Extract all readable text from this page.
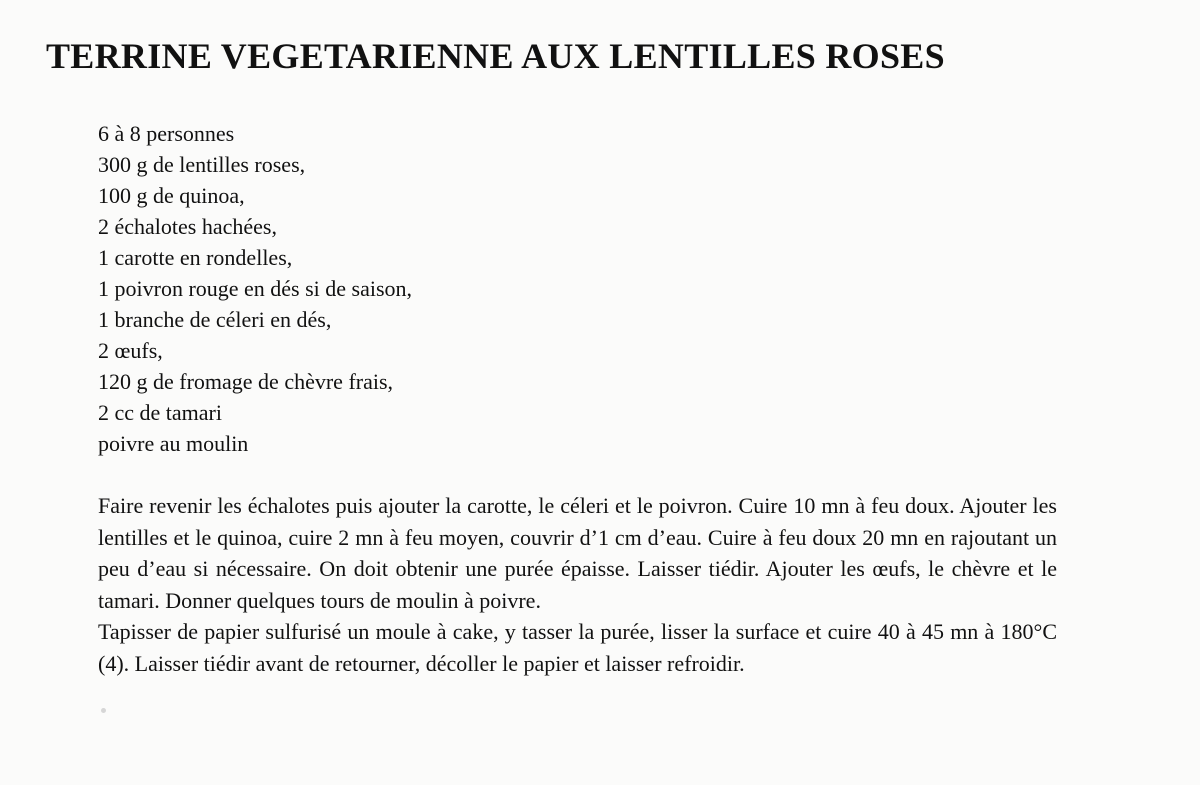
TERRINE VEGETARIENNE AUX LENTILLES ROSES
6 à 8 personnes
300 g de lentilles roses,
100 g de quinoa,
2 échalotes hachées,
1 carotte en rondelles,
1 poivron rouge en dés si de saison,
1 branche de céleri en dés,
2 œufs,
120 g de fromage de chèvre frais,
2 cc de tamari
poivre au moulin

Faire revenir les échalotes puis ajouter la carotte, le céleri et le poivron. Cuire 10 mn à feu doux. Ajouter les lentilles et le quinoa, cuire 2 mn à feu moyen, couvrir d’1 cm d’eau. Cuire à feu doux 20 mn en rajoutant un peu d’eau si nécessaire. On doit obtenir une purée épaisse. Laisser tiédir. Ajouter les œufs, le chèvre et le tamari. Donner quelques tours de moulin à poivre.

Tapisser de papier sulfurisé un moule à cake, y tasser la purée, lisser la surface et cuire 40 à 45 mn à 180°C (4). Laisser tiédir avant de retourner, décoller le papier et laisser refroidir.
